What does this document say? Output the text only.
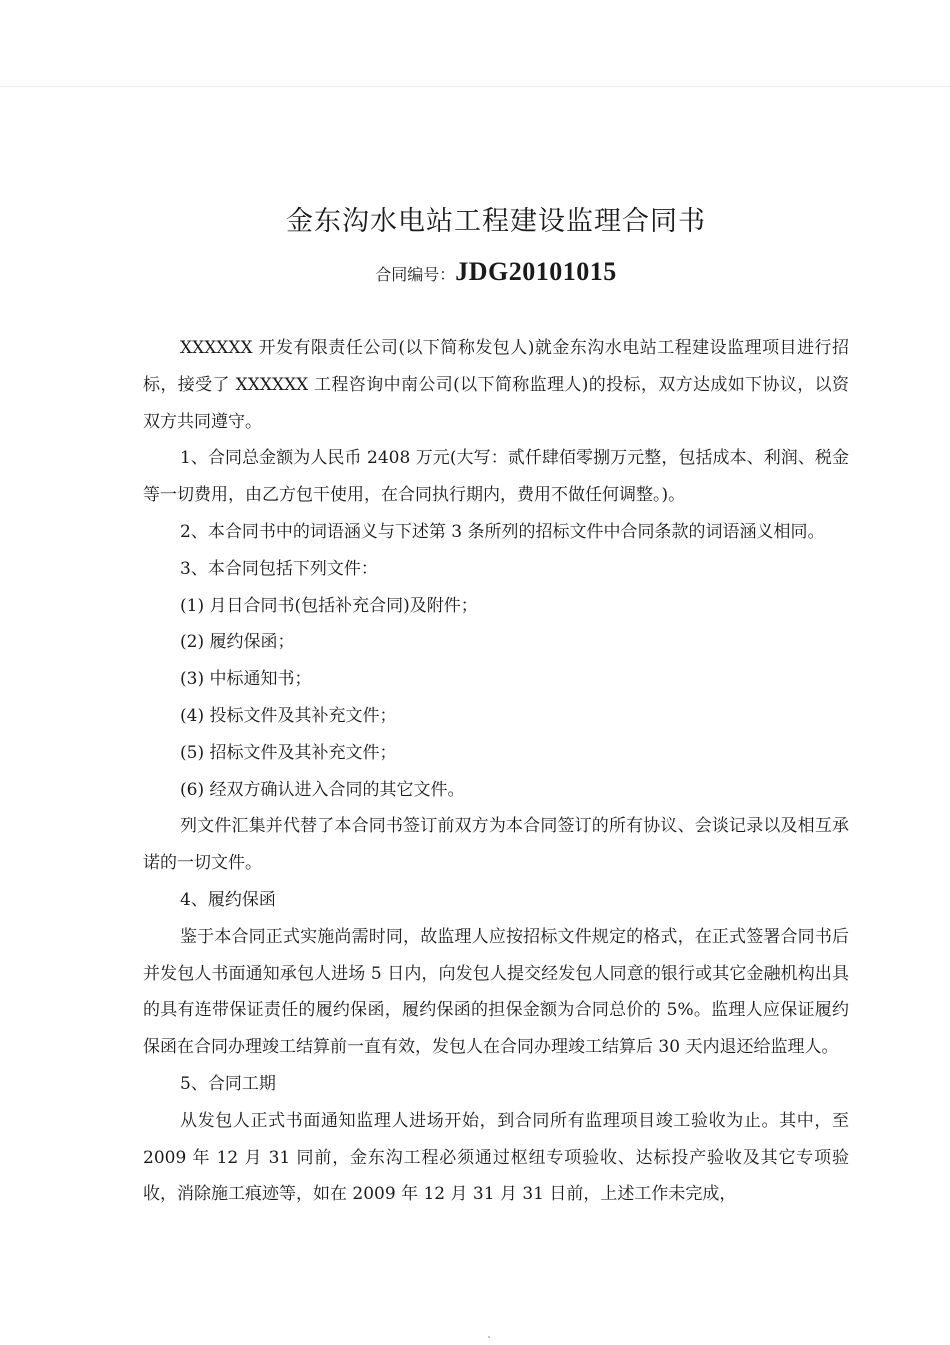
金东沟水电站工程建设监理合同书
合同编号：JDG20101015

XXXXXX 开发有限责任公司(以下简称发包人)就金东沟水电站工程建设监理项目进行招标，接受了 XXXXXX 工程咨询中南公司(以下简称监理人)的投标，双方达成如下协议，以资双方共同遵守。

1、合同总金额为人民币 2408 万元(大写：贰仟肆佰零捌万元整，包括成本、利润、税金等一切费用，由乙方包干使用，在合同执行期内，费用不做任何调整。)。

2、本合同书中的词语涵义与下述第 3 条所列的招标文件中合同条款的词语涵义相同。

3、本合同包括下列文件：

(1) 月日合同书(包括补充合同)及附件；

(2) 履约保函；

(3) 中标通知书；

(4) 投标文件及其补充文件；

(5) 招标文件及其补充文件；

(6) 经双方确认进入合同的其它文件。

列文件汇集并代替了本合同书签订前双方为本合同签订的所有协议、会谈记录以及相互承诺的一切文件。

4、履约保函

鉴于本合同正式实施尚需时同，故监理人应按招标文件规定的格式，在正式签署合同书后并发包人书面通知承包人进场 5 日内，向发包人提交经发包人同意的银行或其它金融机构出具的具有连带保证责任的履约保函，履约保函的担保金额为合同总价的 5%。监理人应保证履约保函在合同办理竣工结算前一直有效，发包人在合同办理竣工结算后 30 天内退还给监理人。

5、合同工期

从发包人正式书面通知监理人进场开始，到合同所有监理项目竣工验收为止。其中，至 2009 年 12 月 31 同前，金东沟工程必须通过枢纽专项验收、达标投产验收及其它专项验收，消除施工痕迹等，如在 2009 年 12 月 31 月 31 日前，上述工作未完成，
